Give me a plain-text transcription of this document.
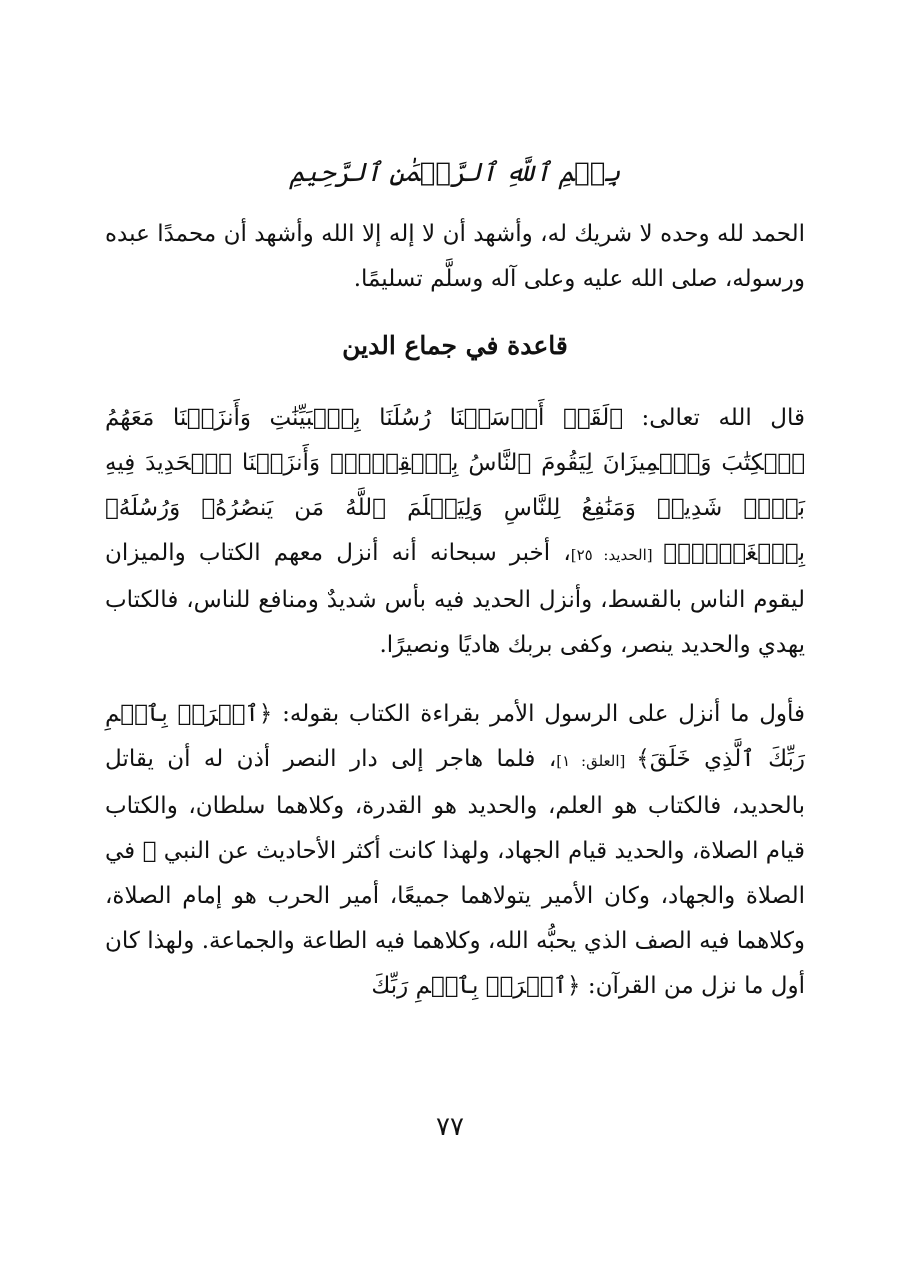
بِسۡمِ ٱللَّهِ ٱلرَّحۡمَٰنِ ٱلرَّحِيمِ

الحمد لله وحده لا شريك له، وأشهد أن لا إله إلا الله وأشهد أن محمدًا عبده ورسوله، صلى الله عليه وعلى آله وسلَّم تسليمًا.

قاعدة في جماع الدين

قال الله تعالى: ﴿لَقَدۡ أَرۡسَلۡنَا رُسُلَنَا بِٱلۡبَيِّنَٰتِ وَأَنزَلۡنَا مَعَهُمُ ٱلۡكِتَٰبَ وَٱلۡمِيزَانَ لِيَقُومَ ٱلنَّاسُ بِٱلۡقِسۡطِۖ وَأَنزَلۡنَا ٱلۡحَدِيدَ فِيهِ بَأۡسٞ شَدِيدٞ وَمَنَٰفِعُ لِلنَّاسِ وَلِيَعۡلَمَ ٱللَّهُ مَن يَنصُرُهُۥ وَرُسُلَهُۥ بِٱلۡغَيۡبِۚ﴾ [الحديد: ٢٥]، أخبر سبحانه أنه أنزل معهم الكتاب والميزان ليقوم الناس بالقسط، وأنزل الحديد فيه بأس شديدٌ ومنافع للناس، فالكتاب يهدي والحديد ينصر، وكفى بربك هاديًا ونصيرًا.

فأول ما أنزل على الرسول الأمر بقراءة الكتاب بقوله: ﴿ٱقۡرَأۡ بِٱسۡمِ رَبِّكَ ٱلَّذِي خَلَقَ﴾ [العلق: ١]، فلما هاجر إلى دار النصر أذن له أن يقاتل بالحديد، فالكتاب هو العلم، والحديد هو القدرة، وكلاهما سلطان، والكتاب قيام الصلاة، والحديد قيام الجهاد، ولهذا كانت أكثر الأحاديث عن النبي ﷺ في الصلاة والجهاد، وكان الأمير يتولاهما جميعًا، أمير الحرب هو إمام الصلاة، وكلاهما فيه الصف الذي يحبُّه الله، وكلاهما فيه الطاعة والجماعة. ولهذا كان أول ما نزل من القرآن: ﴿ٱقۡرَأۡ بِٱسۡمِ رَبِّكَ

٧٧
